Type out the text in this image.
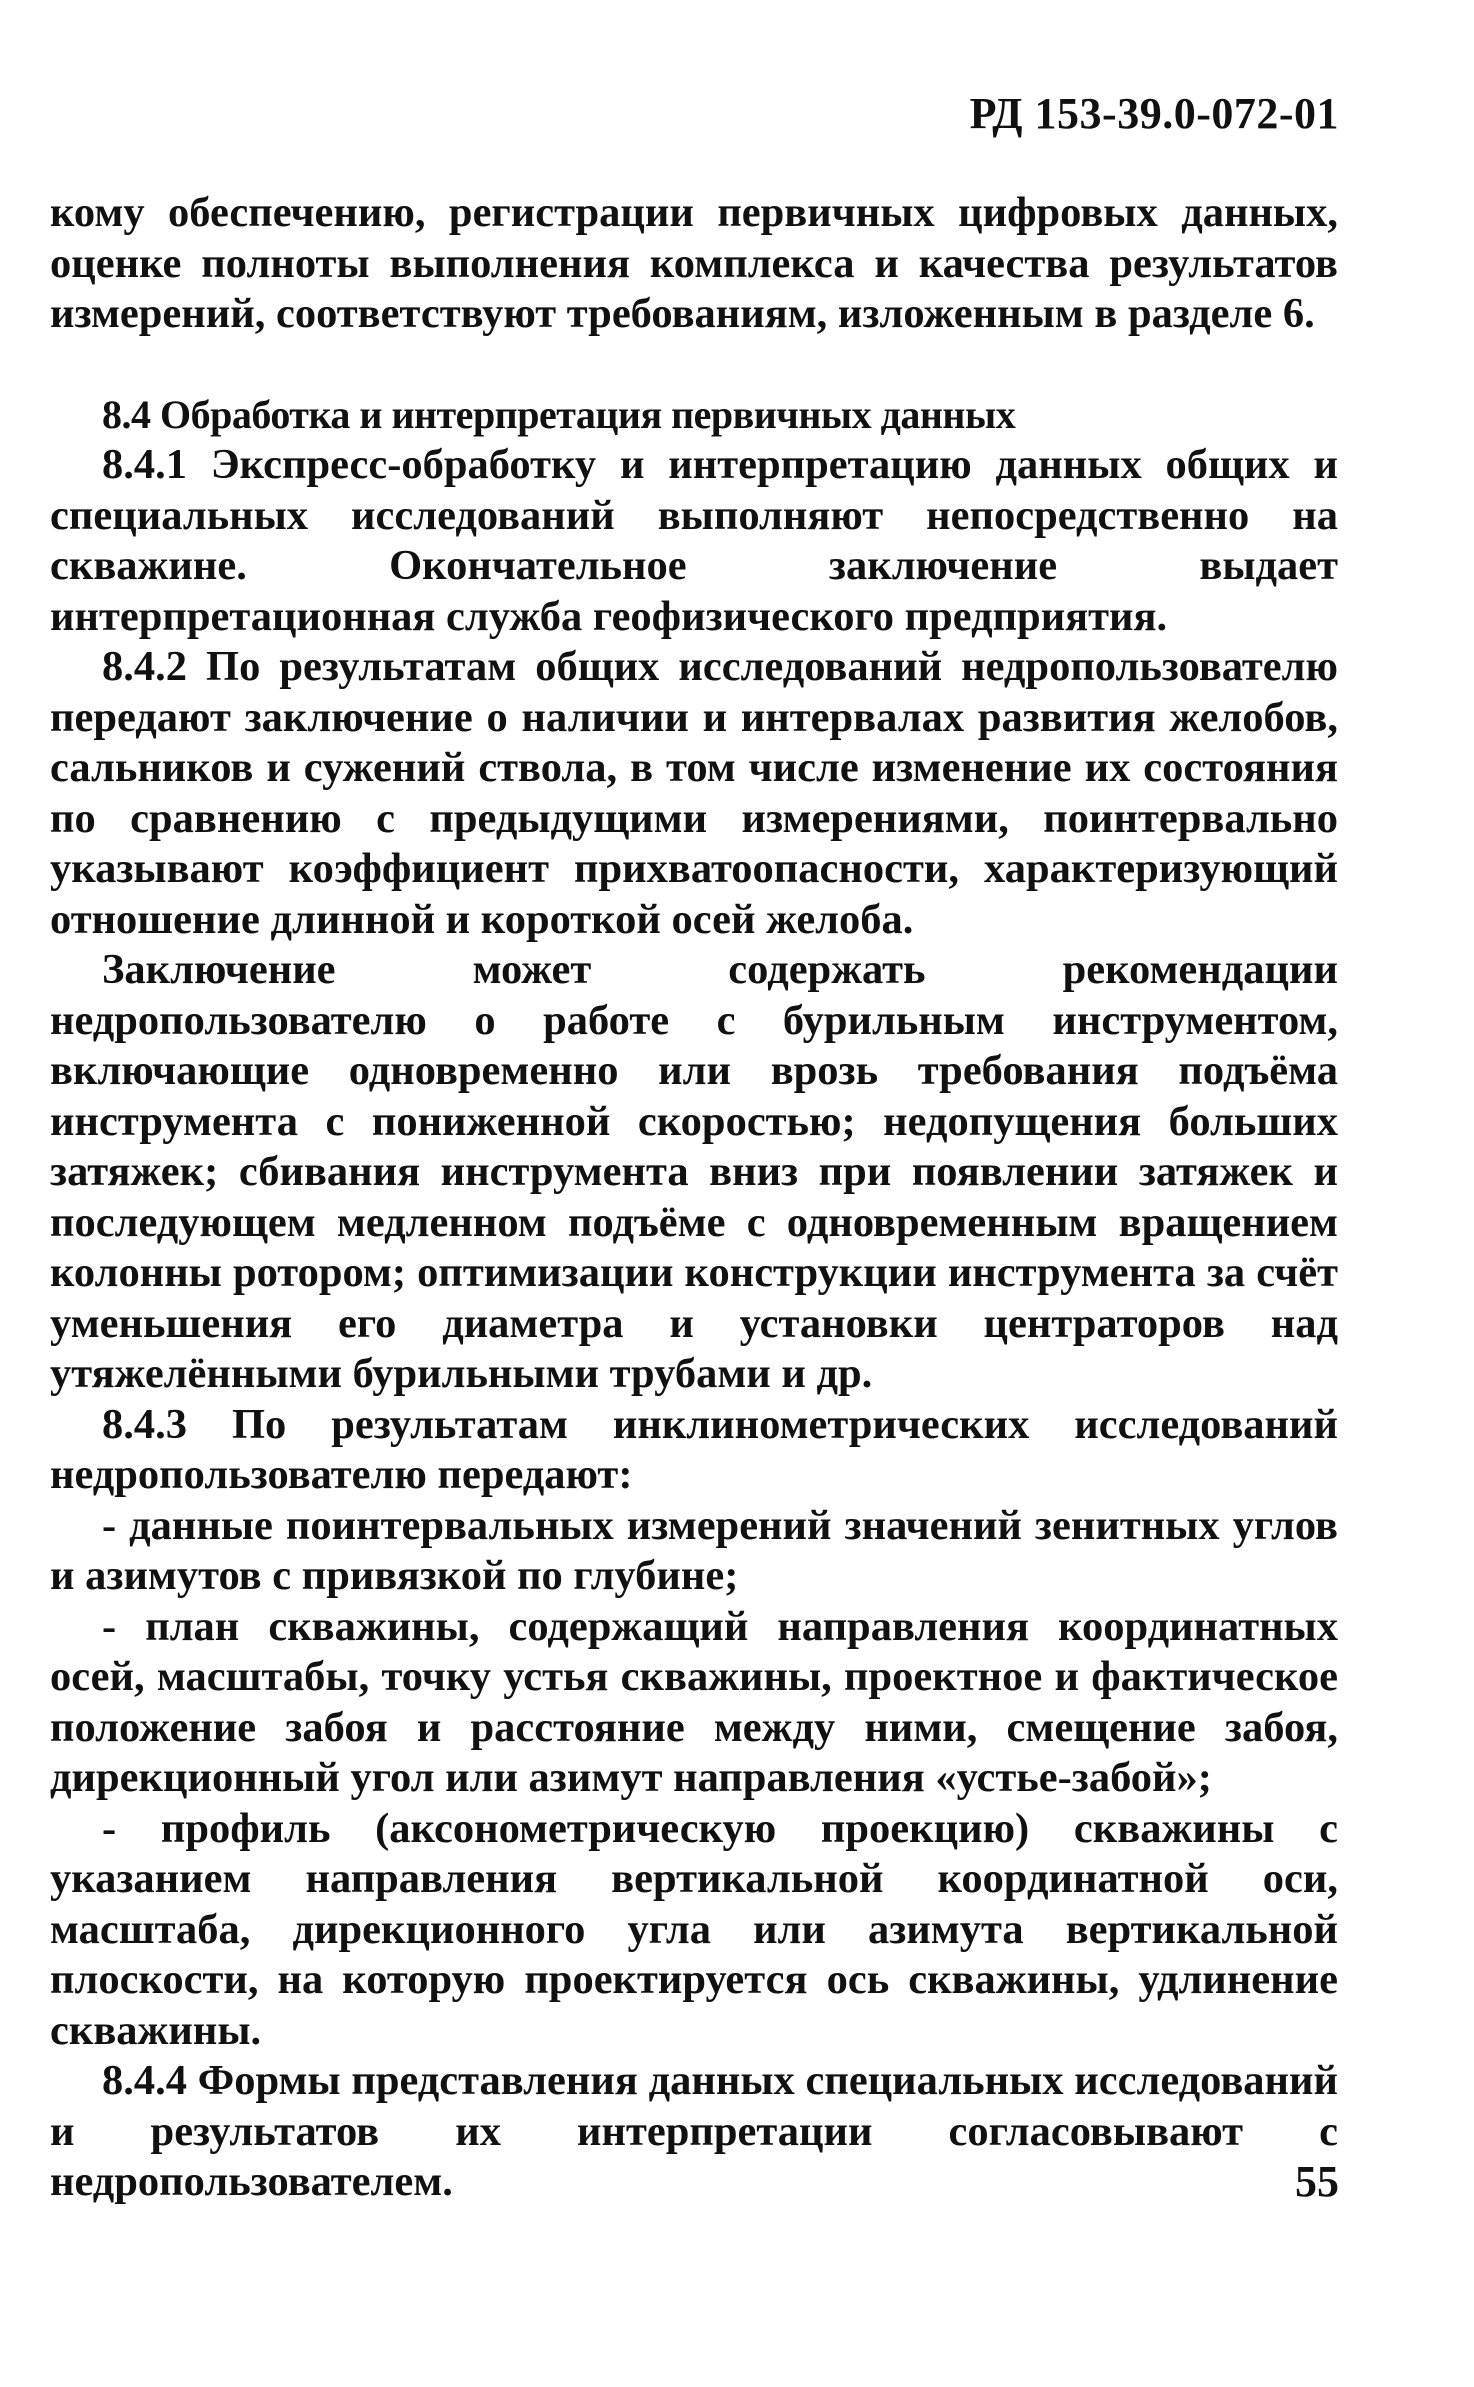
РД 153-39.0-072-01

кому обеспечению, регистрации первичных цифровых данных, оценке полноты выполнения комплекса и качества результатов измерений, соответствуют требованиям, изложенным в разделе 6.

8.4 Обработка и интерпретация первичных данных

8.4.1 Экспресс-обработку и интерпретацию данных общих и специальных исследований выполняют непосредственно на скважине. Окончательное заключение выдает интерпретационная служба геофизического предприятия.

8.4.2 По результатам общих исследований недропользователю передают заключение о наличии и интервалах развития желобов, сальников и сужений ствола, в том числе изменение их состояния по сравнению с предыдущими измерениями, поинтервально указывают коэффициент прихватоопасности, характеризующий отношение длинной и короткой осей желоба.

Заключение может содержать рекомендации недропользователю о работе с бурильным инструментом, включающие одновременно или врозь требования подъёма инструмента с пониженной скоростью; недопущения больших затяжек; сбивания инструмента вниз при появлении затяжек и последующем медленном подъёме с одновременным вращением колонны ротором; оптимизации конструкции инструмента за счёт уменьшения его диаметра и установки центраторов над утяжелёнными бурильными трубами и др.

8.4.3 По результатам инклинометрических исследований недропользователю передают:

- данные поинтервальных измерений значений зенитных углов и азимутов с привязкой по глубине;

- план скважины, содержащий направления координатных осей, масштабы, точку устья скважины, проектное и фактическое положение забоя и расстояние между ними, смещение забоя, дирекционный угол или азимут направления «устье-забой»;

- профиль (аксонометрическую проекцию) скважины с указанием направления вертикальной координатной оси, масштаба, дирекционного угла или азимута вертикальной плоскости, на которую проектируется ось скважины, удлинение скважины.

8.4.4 Формы представления данных специальных исследований и результатов их интерпретации согласовывают с недропользователем.	55
